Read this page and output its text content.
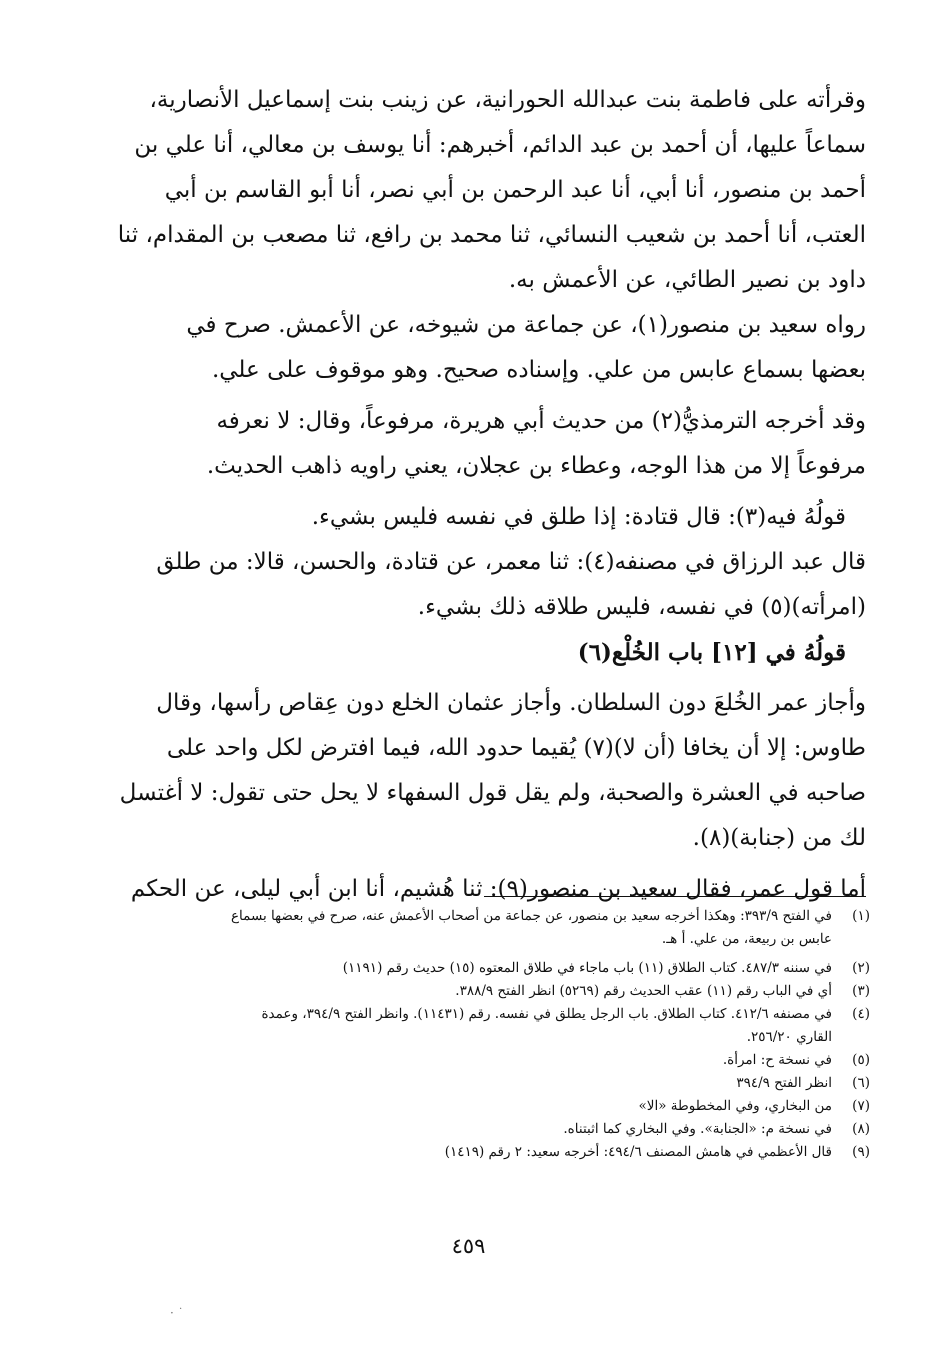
وقرأته على فاطمة بنت عبدالله الحورانية، عن زينب بنت إسماعيل الأنصارية،
سماعاً عليها، أن أحمد بن عبد الدائم، أخبرهم: أنا يوسف بن معالي، أنا علي بن
أحمد بن منصور، أنا أبي، أنا عبد الرحمن بن أبي نصر، أنا أبو القاسم بن أبي
العتب، أنا أحمد بن شعيب النسائي، ثنا محمد بن رافع، ثنا مصعب بن المقدام، ثنا
داود بن نصير الطائي، عن الأعمش به.
رواه سعيد بن منصور(١)، عن جماعة من شيوخه، عن الأعمش. صرح في
بعضها بسماع عابس من علي. وإسناده صحيح. وهو موقوف على علي.
وقد أخرجه الترمذيُّ(٢) من حديث أبي هريرة، مرفوعاً، وقال: لا نعرفه
مرفوعاً إلا من هذا الوجه، وعطاء بن عجلان، يعني راويه ذاهب الحديث.
قولُهُ فيه(٣): قال قتادة: إذا طلق في نفسه فليس بشيء.
قال عبد الرزاق في مصنفه(٤): ثنا معمر، عن قتادة، والحسن، قالا: من طلق
(امرأته)(٥) في نفسه، فليس طلاقه ذلك بشيء.
قولُهُ في [١٢] باب الخُلْع(٦)
وأجاز عمر الخُلعَ دون السلطان. وأجاز عثمان الخلع دون عِقاص رأسها، وقال
طاوس: إلا أن يخافا (أن لا)(٧) يُقيما حدود الله، فيما افترض لكل واحد على
صاحبه في العشرة والصحبة، ولم يقل قول السفهاء لا يحل حتى تقول: لا أغتسل
لك من (جنابة)(٨).
أما قول عمر، فقال سعيد بن منصور(٩): ثنا هُشيم، أنا ابن أبي ليلى، عن الحكم
(١)
في الفتح ٣٩٣/٩: وهكذا أخرجه سعيد بن منصور، عن جماعة من أصحاب الأعمش عنه، صرح في بعضها بسماع
عابس بن ربيعة، من علي. أ هـ.
(٢)
في سننه ٤٨٧/٣. كتاب الطلاق (١١) باب ماجاء في طلاق المعتوه (١٥) حديث رقم (١١٩١)
(٣)
أي في الباب رقم (١١) عقب الحديث رقم (٥٢٦٩) انظر الفتح ٣٨٨/٩.
(٤)
في مصنفه ٤١٢/٦. كتاب الطلاق. باب الرجل يطلق في نفسه. رقم (١١٤٣١). وانظر الفتح ٣٩٤/٩، وعمدة
القاري ٢٥٦/٢٠.
(٥)
في نسخة ح: امرأة.
(٦)
انظر الفتح ٣٩٤/٩
(٧)
من البخاري، وفي المخطوطة «الا»
(٨)
في نسخة م: «الجنابة». وفي البخاري كما اثبتناه.
(٩)
قال الأعظمي في هامش المصنف ٤٩٤/٦: أخرجه سعيد: ٢ رقم (١٤١٩)
٤٥٩
· ˙
